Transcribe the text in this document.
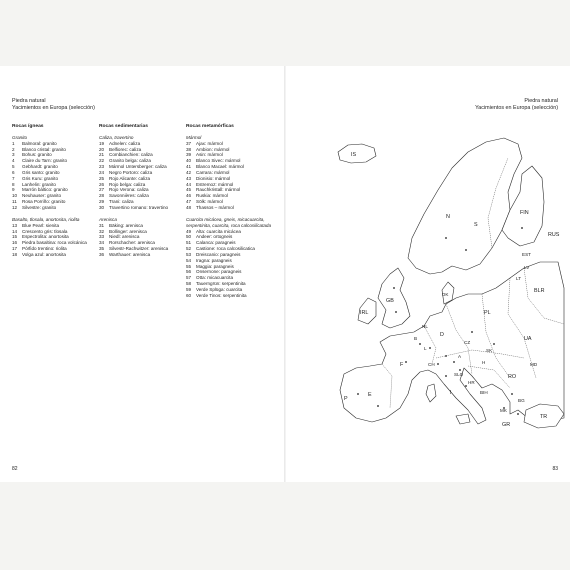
Piedra natural
Yacimientos en Europa (selección)
Rocas ígneas
Granito
1	Balmoral: granito
2	Blanco cristal: granito
3	Bohus: granito
4	Claire du Tarn: granito
5	Gebhardt: granito
6	Gris santo: granito
7	Gris Kuru: granito
8	Lanhelin: granito
9	Marrón báltico: granito
10	Neuhauser: granito
11	Rosa Porriño: granito
12	Silvestre: granito
Basalto, tlosala, anortosita, riolita
13	Blue Pearl: sienita
14	Crescento gris: tlosala
15	Espectrolita: anortosita
16	Piedra basaltina: roca volcánica
17	Pórfido trentino: riolita
18	Volga azul: anortosita
Rocas sedimentarias
Caliza, travertino
19	Adnelen: caliza
20	Belfiorec: caliza
21	Combianchien: caliza
22	Granito belga: caliza
23	Mármol Untersberger: caliza
24	Negro Portoro: caliza
25	Rojo Alicante: caliza
26	Rojo belga: caliza
27	Rojo Verona: caliza
28	Savonnières: caliza
29	Trani: caliza
30	Travertino romano: travertino
Arenisca
31	Bäking: arenisca
32	Bollinger: arenisca
33	Niedl: arenisca
34	Rorschacher: arenisca
35	Silvestr-Rachwitzer: arenisca
36	Warthauer: arenisca
Rocas metamórficas
Mármol
37	Ajax: mármol
38	Ambion: mármol
39	Asin: mármol
40	Blanco Sivec: mármol
41	Blanco Macael: mármol
42	Carrara: mármol
43	Dionisio: mármol
44	Estremoz: mármol
45	Rauchkristall: mármol
46	Ruskia: mármol
47	Sölk: mármol
48	Thassos – mármol
Cuarcita micácea, gneis, micacuarcita, serpentinita, cuarcita, roca calcosilicatada
49	Alta: cuarcita micácea
50	Andeer: ortogneis
51	Calanca: paragneis
52	Castione: roca calcosilicatica
53	Dreiscanio: paragneis
54	Iragna: paragneis
55	Maggia: paragneis
56	Onsernone: paragneis
57	Otta: micacuarcita
58	Tauerngrün: serpentinita
59	Verde Splüga: cuarcita
60	Verde Tinos: serpentinita
82
Piedra natural
Yacimientos en Europa (selección)
IS
N
S
FIN
RUS
EST
LV
LT
BLR
IRL
GB
DK
NL
B
L
D
PL
CZ
SK
UA
F	CH
A
H
SLO
HR
BIH
RO
MD
I
P
E
BG
MK
GR
TR
83
